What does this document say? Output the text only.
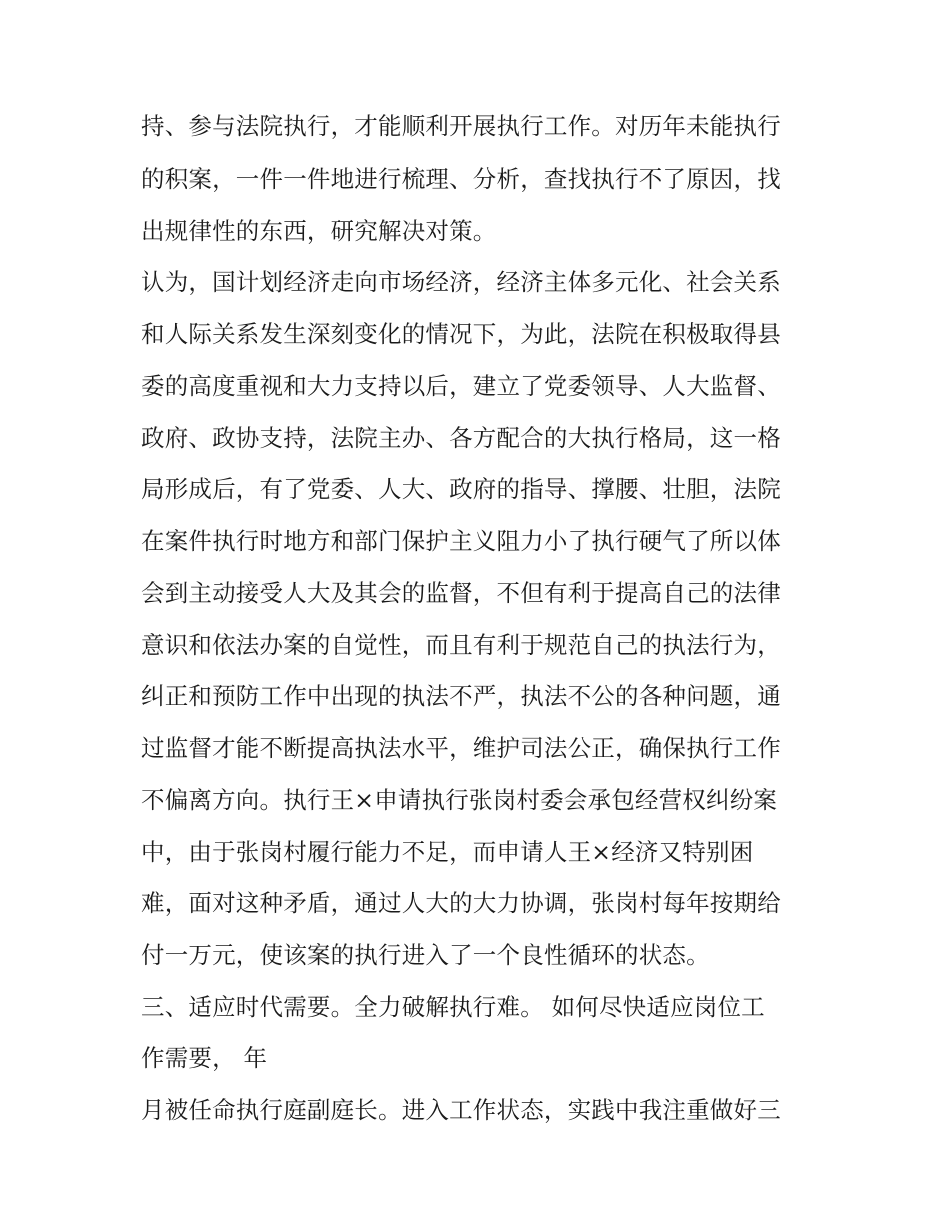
持、参与法院执行，才能顺利开展执行工作。对历年未能执行
的积案，一件一件地进行梳理、分析，查找执行不了原因，找
出规律性的东西，研究解决对策。
认为，国计划经济走向市场经济，经济主体多元化、社会关系
和人际关系发生深刻变化的情况下，为此，法院在积极取得县
委的高度重视和大力支持以后，建立了党委领导、人大监督、
政府、政协支持，法院主办、各方配合的大执行格局，这一格
局形成后，有了党委、人大、政府的指导、撑腰、壮胆，法院
在案件执行时地方和部门保护主义阻力小了执行硬气了所以体
会到主动接受人大及其会的监督，不但有利于提高自己的法律
意识和依法办案的自觉性，而且有利于规范自己的执法行为，
纠正和预防工作中出现的执法不严，执法不公的各种问题，通
过监督才能不断提高执法水平，维护司法公正，确保执行工作
不偏离方向。执行王×申请执行张岗村委会承包经营权纠纷案
中，由于张岗村履行能力不足，而申请人王×经济又特别困
难，面对这种矛盾，通过人大的大力协调，张岗村每年按期给
付一万元，使该案的执行进入了一个良性循环的状态。
三、适应时代需要。全力破解执行难。 如何尽快适应岗位工
作需要， 年
月被任命执行庭副庭长。进入工作状态，实践中我注重做好三
